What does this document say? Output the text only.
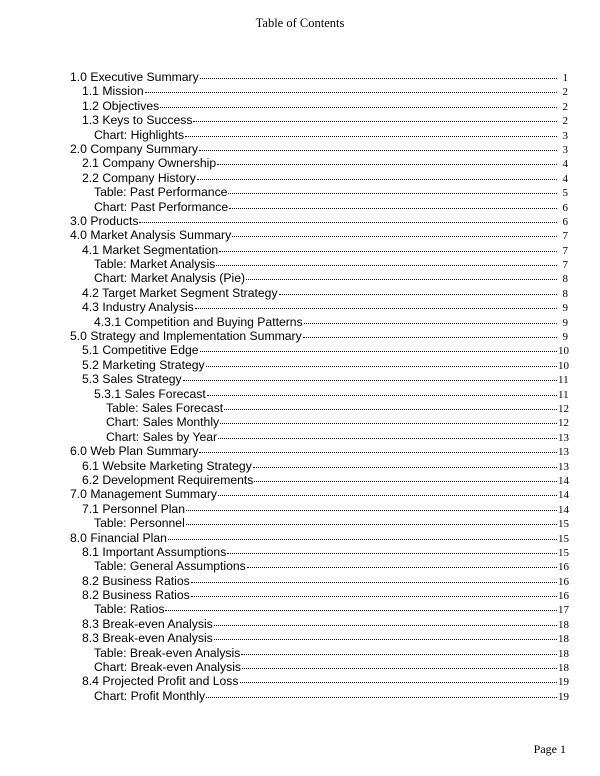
Table of Contents
1.0 Executive Summary	1
1.1 Mission	2
1.2 Objectives	2
1.3 Keys to Success	2
Chart: Highlights	3
2.0 Company Summary	3
2.1 Company Ownership	4
2.2 Company History	4
Table: Past Performance	5
Chart: Past Performance	6
3.0 Products	6
4.0 Market Analysis Summary	7
4.1 Market Segmentation	7
Table: Market Analysis	7
Chart: Market Analysis (Pie)	8
4.2 Target Market Segment Strategy	8
4.3 Industry Analysis	9
4.3.1 Competition and Buying Patterns	9
5.0 Strategy and Implementation Summary	9
5.1 Competitive Edge	10
5.2 Marketing Strategy	10
5.3 Sales Strategy	11
5.3.1 Sales Forecast	11
Table: Sales Forecast	12
Chart: Sales Monthly	12
Chart: Sales by Year	13
6.0 Web Plan Summary	13
6.1 Website Marketing Strategy	13
6.2 Development Requirements	14
7.0 Management Summary	14
7.1 Personnel Plan	14
Table: Personnel	15
8.0 Financial Plan	15
8.1 Important Assumptions	15
Table: General Assumptions	16
8.2 Business Ratios	16
8.2 Business Ratios	16
Table: Ratios	17
8.3 Break-even Analysis	18
8.3 Break-even Analysis	18
Table: Break-even Analysis	18
Chart: Break-even Analysis	18
8.4 Projected Profit and Loss	19
Chart: Profit Monthly	19
Page 1
